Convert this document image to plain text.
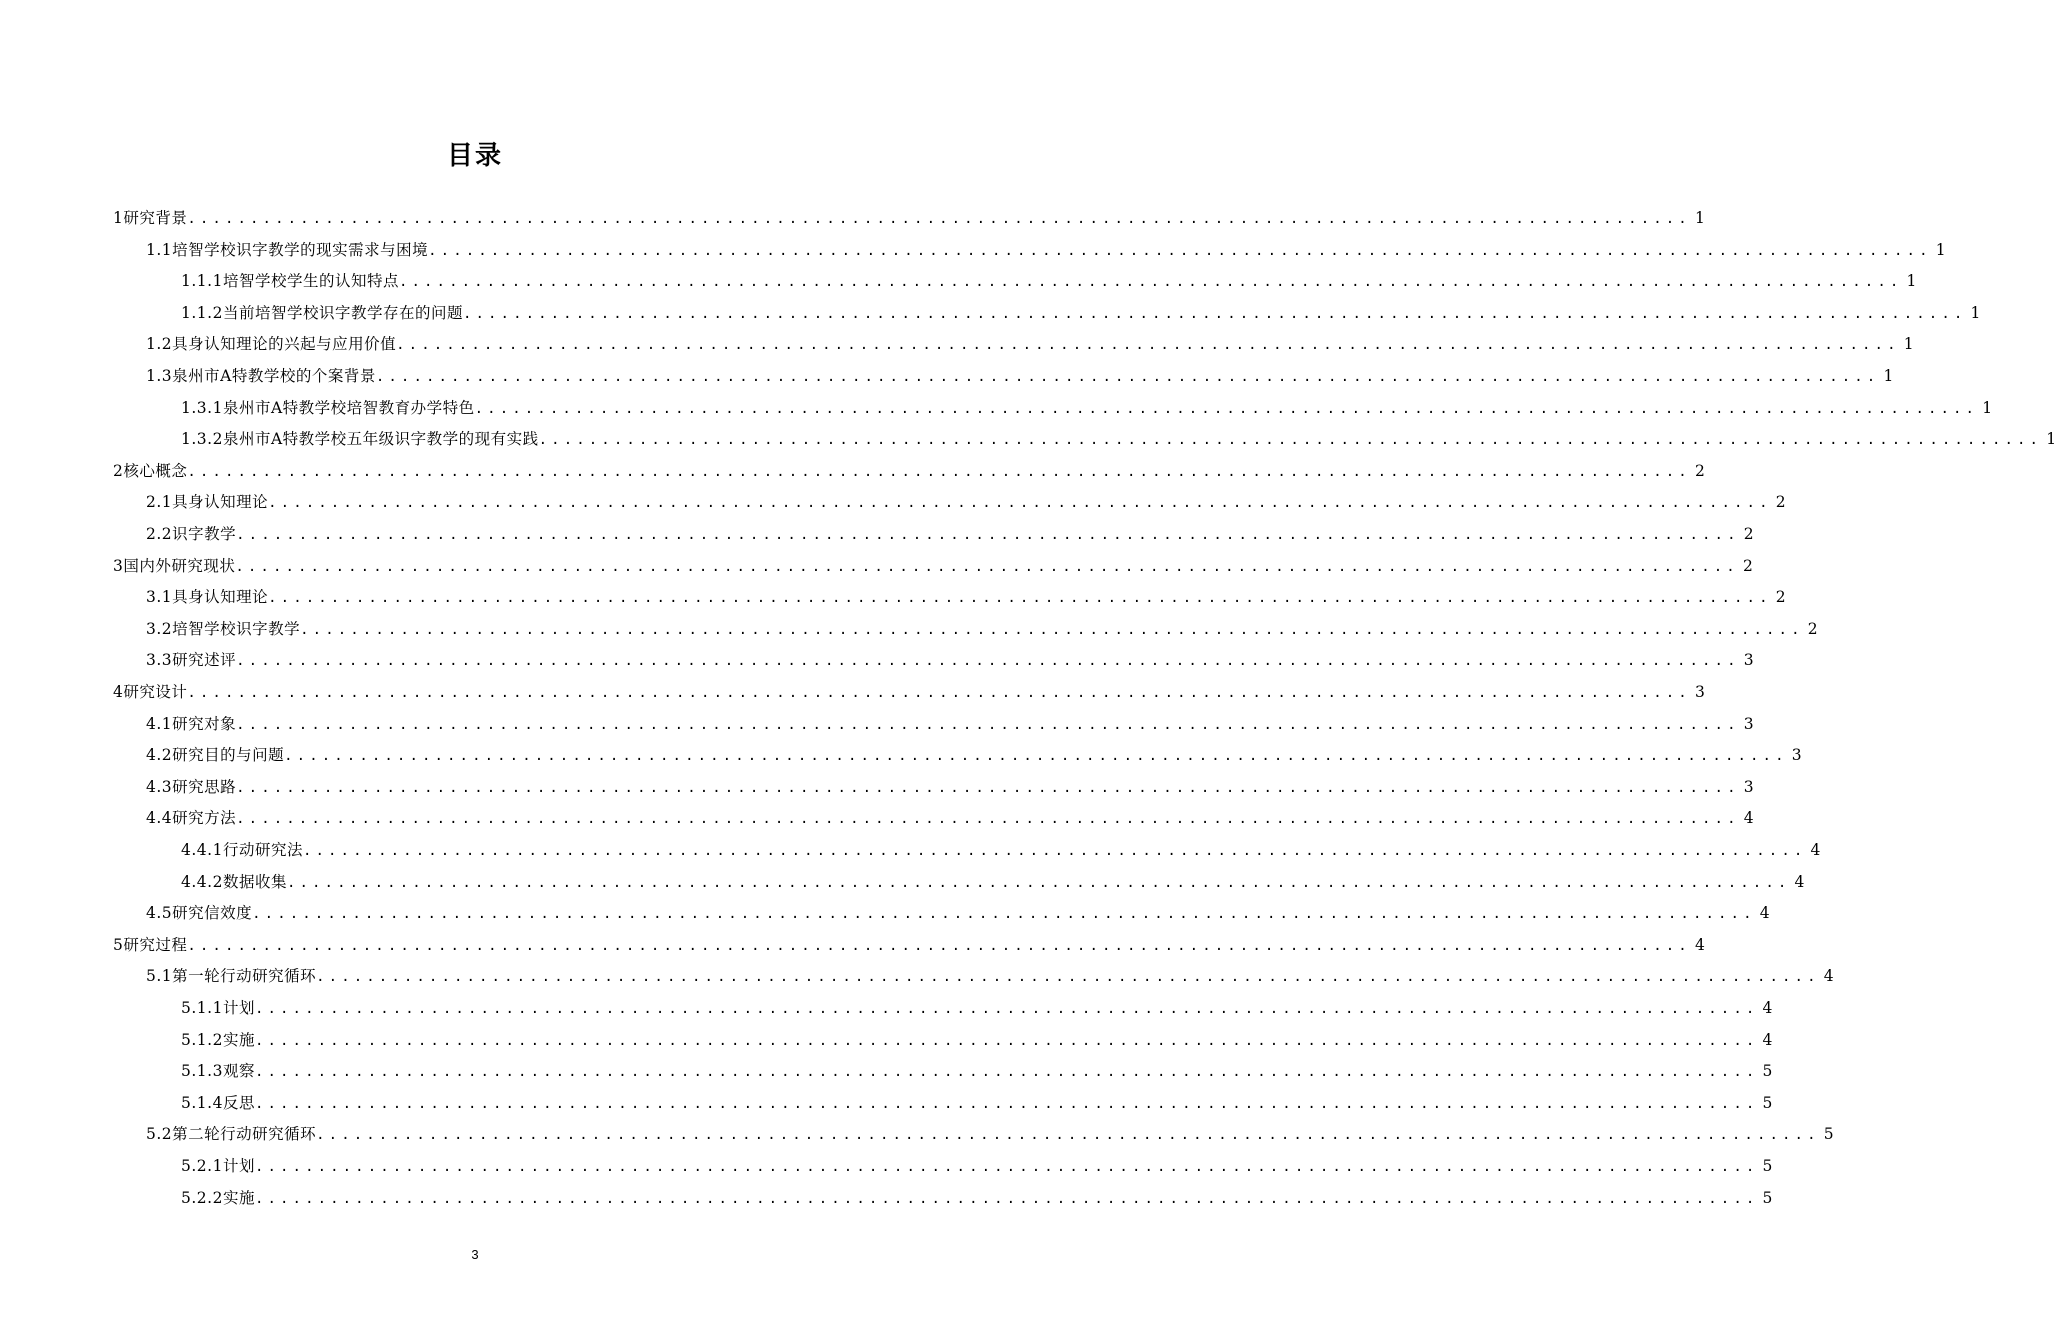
目录
1研究背景 ........................................................................................................................ 1
1.1培智学校识字教学的现实需求与困境 ........................................................................................................................ 1
1.1.1培智学校学生的认知特点 ........................................................................................................................ 1
1.1.2当前培智学校识字教学存在的问题 ........................................................................................................................ 1
1.2具身认知理论的兴起与应用价值 ........................................................................................................................ 1
1.3泉州市A特教学校的个案背景 ........................................................................................................................ 1
1.3.1泉州市A特教学校培智教育办学特色 ........................................................................................................................ 1
1.3.2泉州市A特教学校五年级识字教学的现有实践 ........................................................................................................................ 1
2核心概念 ........................................................................................................................ 2
2.1具身认知理论 ........................................................................................................................ 2
2.2识字教学 ........................................................................................................................ 2
3国内外研究现状 ........................................................................................................................ 2
3.1具身认知理论 ........................................................................................................................ 2
3.2培智学校识字教学 ........................................................................................................................ 2
3.3研究述评 ........................................................................................................................ 3
4研究设计 ........................................................................................................................ 3
4.1研究对象 ........................................................................................................................ 3
4.2研究目的与问题 ........................................................................................................................ 3
4.3研究思路 ........................................................................................................................ 3
4.4研究方法 ........................................................................................................................ 4
4.4.1行动研究法 ........................................................................................................................ 4
4.4.2数据收集 ........................................................................................................................ 4
4.5研究信效度 ........................................................................................................................ 4
5研究过程 ........................................................................................................................ 4
5.1第一轮行动研究循环 ........................................................................................................................ 4
5.1.1计划 ........................................................................................................................ 4
5.1.2实施 ........................................................................................................................ 4
5.1.3观察 ........................................................................................................................ 5
5.1.4反思 ........................................................................................................................ 5
5.2第二轮行动研究循环 ........................................................................................................................ 5
5.2.1计划 ........................................................................................................................ 5
5.2.2实施 ........................................................................................................................ 5
3
